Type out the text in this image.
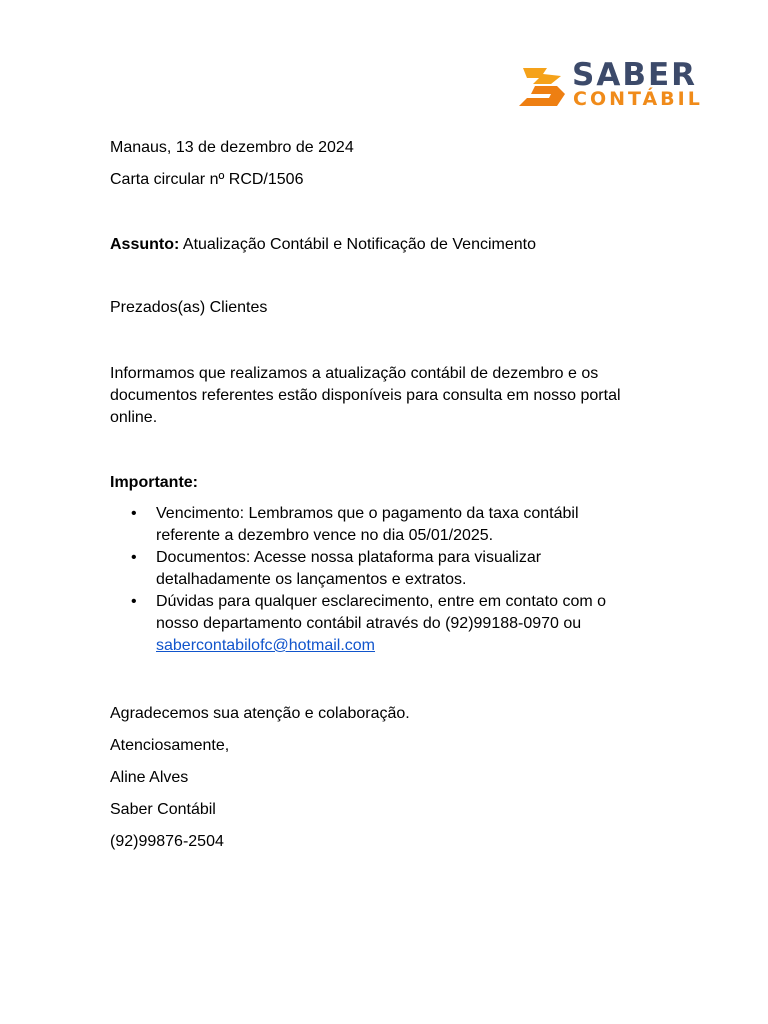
SABER
CONTÁBIL
Manaus, 13 de dezembro de 2024
Carta circular nº RCD/1506
Assunto: Atualização Contábil e Notificação de Vencimento
Prezados(as) Clientes
Informamos que realizamos a atualização contábil de dezembro e os documentos referentes estão disponíveis para consulta em nosso portal online.
Importante:
• Vencimento: Lembramos que o pagamento da taxa contábil referente a dezembro vence no dia 05/01/2025.
• Documentos: Acesse nossa plataforma para visualizar detalhadamente os lançamentos e extratos.
• Dúvidas para qualquer esclarecimento, entre em contato com o nosso departamento contábil através do (92)99188-0970 ou sabercontabilofc@hotmail.com
Agradecemos sua atenção e colaboração.
Atenciosamente,
Aline Alves
Saber Contábil
(92)99876-2504
